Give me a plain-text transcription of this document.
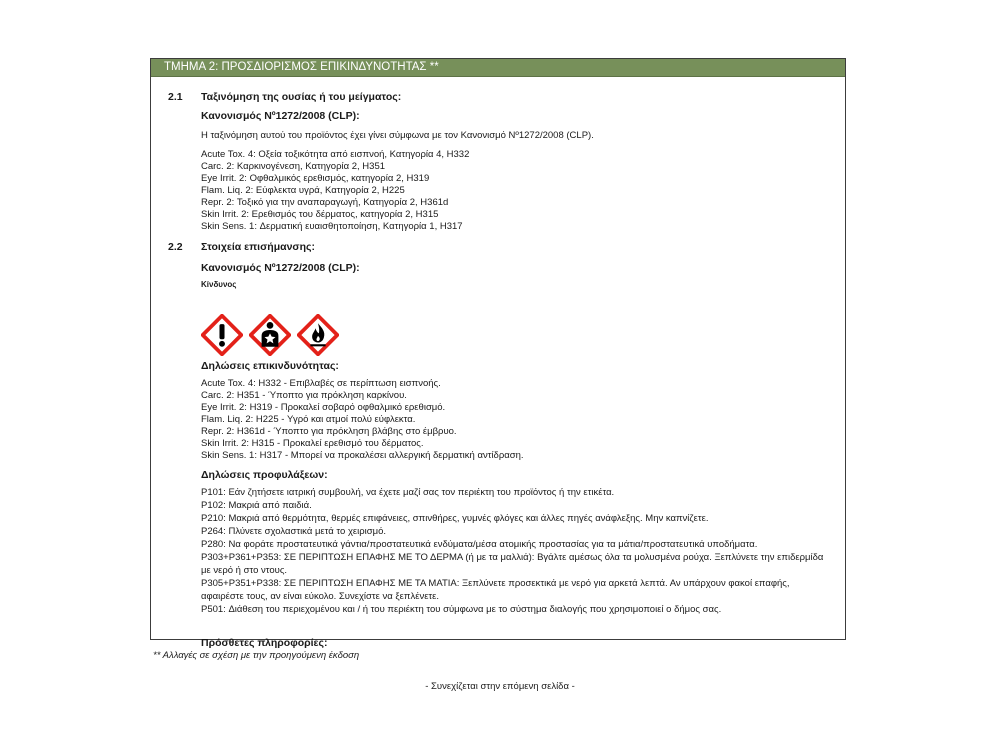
ΤΜΗΜΑ 2: ΠΡΟΣΔΙΟΡΙΣΜΟΣ ΕΠΙΚΙΝΔΥΝΟΤΗΤΑΣ **
2.1 Ταξινόμηση της ουσίας ή του μείγματος:
Κανονισμός Nº1272/2008 (CLP):
Η ταξινόμηση αυτού του προϊόντος έχει γίνει σύμφωνα με τον Κανονισμό Nº1272/2008 (CLP).
Acute Tox. 4: Οξεία τοξικότητα από εισπνοή, Κατηγορία 4, H332
Carc. 2: Καρκινογένεση, Κατηγορία 2, H351
Eye Irrit. 2: Οφθαλμικός ερεθισμός, κατηγορία 2, H319
Flam. Liq. 2: Εύφλεκτα υγρά, Κατηγορία 2, H225
Repr. 2: Τοξικό για την αναπαραγωγή, Κατηγορία 2, H361d
Skin Irrit. 2: Ερεθισμός του δέρματος, κατηγορία 2, H315
Skin Sens. 1: Δερματική ευαισθητοποίηση, Κατηγορία 1, H317
2.2 Στοιχεία επισήμανσης:
Κανονισμός Nº1272/2008 (CLP):
Κίνδυνος
Δηλώσεις επικινδυνότητας:
Acute Tox. 4: H332 - Επιβλαβές σε περίπτωση εισπνοής.
Carc. 2: H351 - Ύποπτο για πρόκληση καρκίνου.
Eye Irrit. 2: H319 - Προκαλεί σοβαρό οφθαλμικό ερεθισμό.
Flam. Liq. 2: H225 - Υγρό και ατμοί πολύ εύφλεκτα.
Repr. 2: H361d - Ύποπτο για πρόκληση βλάβης στο έμβρυο.
Skin Irrit. 2: H315 - Προκαλεί ερεθισμό του δέρματος.
Skin Sens. 1: H317 - Μπορεί να προκαλέσει αλλεργική δερματική αντίδραση.
Δηλώσεις προφυλάξεων:
P101: Εάν ζητήσετε ιατρική συμβουλή, να έχετε μαζί σας τον περιέκτη του προϊόντος ή την ετικέτα.
P102: Μακριά από παιδιά.
P210: Μακριά από θερμότητα, θερμές επιφάνειες, σπινθήρες, γυμνές φλόγες και άλλες πηγές ανάφλεξης. Μην καπνίζετε.
P264: Πλύνετε σχολαστικά μετά το χειρισμό.
P280: Να φοράτε προστατευτικά γάντια/προστατευτικά ενδύματα/μέσα ατομικής προστασίας για τα μάτια/προστατευτικά υποδήματα.
P303+P361+P353: ΣΕ ΠΕΡΙΠΤΩΣΗ ΕΠΑΦΗΣ ΜΕ ΤΟ ΔΕΡΜΑ (ή με τα μαλλιά): Βγάλτε αμέσως όλα τα μολυσμένα ρούχα. Ξεπλύνετε την επιδερμίδα με νερό ή στο ντους.
P305+P351+P338: ΣΕ ΠΕΡΙΠΤΩΣΗ ΕΠΑΦΗΣ ΜΕ ΤΑ ΜΑΤΙΑ: Ξεπλύνετε προσεκτικά με νερό για αρκετά λεπτά. Αν υπάρχουν φακοί επαφής, αφαιρέστε τους, αν είναι εύκολο. Συνεχίστε να ξεπλένετε.
P501: Διάθεση του περιεχομένου και / ή του περιέκτη του σύμφωνα με το σύστημα διαλογής που χρησιμοποιεί ο δήμος σας.
Πρόσθετες πληροφορίες:
** Αλλαγές σε σχέση με την προηγούμενη έκδοση
- Συνεχίζεται στην επόμενη σελίδα -
